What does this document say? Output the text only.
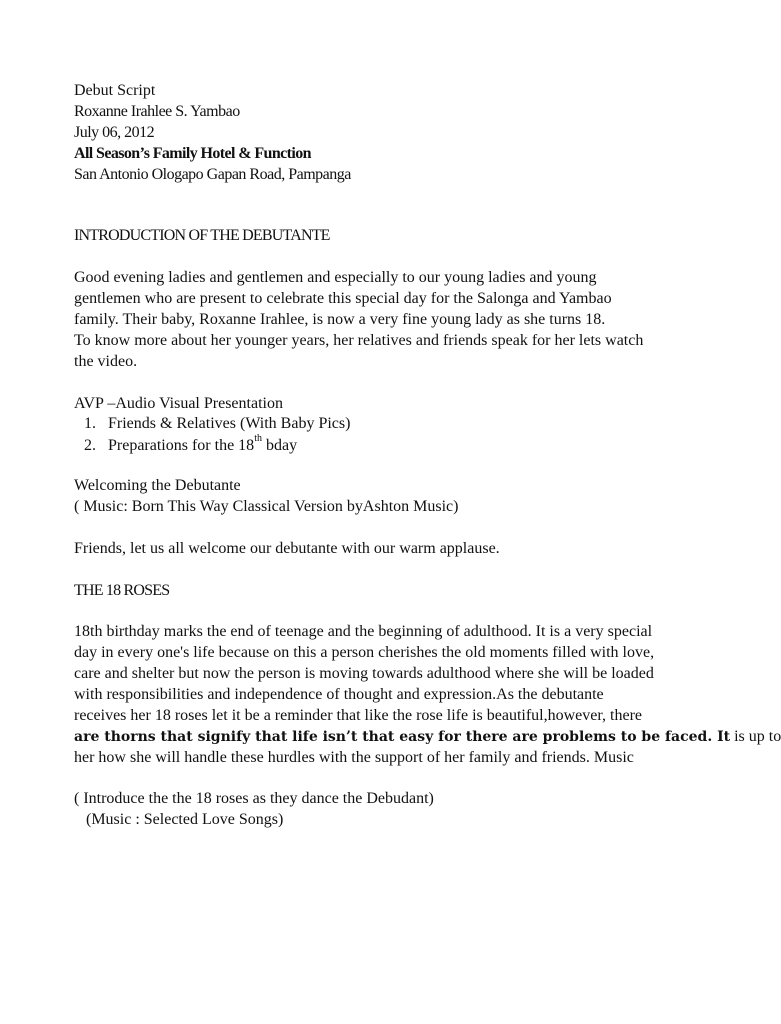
Debut Script
Roxanne Irahlee S. Yambao
July 06, 2012
All Season’s Family Hotel & Function
San Antonio Ologapo Gapan Road, Pampanga
INTRODUCTION OF THE DEBUTANTE
Good evening ladies and gentlemen and especially to our young ladies and young
gentlemen who are present to celebrate this special day for the Salonga and Yambao
family. Their baby, Roxanne Irahlee, is now a very fine young lady as she turns 18.
To know more about her younger years, her relatives and friends speak for her lets watch
the video.
AVP –Audio Visual Presentation
1. Friends & Relatives (With Baby Pics)
2. Preparations for the 18th bday
Welcoming the Debutante
( Music: Born This Way Classical Version byAshton Music)
Friends, let us all welcome our debutante with our warm applause.
THE 18 ROSES
18th birthday marks the end of teenage and the beginning of adulthood. It is a very special
day in every one's life because on this a person cherishes the old moments filled with love,
care and shelter but now the person is moving towards adulthood where she will be loaded
with responsibilities and independence of thought and expression.As the debutante
receives her 18 roses let it be a reminder that like the rose life is beautiful,however, there
are thorns that signify that life isn’t that easy for there are problems to be faced. It is up to
her how she will handle these hurdles with the support of her family and friends. Music
( Introduce the the 18 roses as they dance the Debudant)
(Music : Selected Love Songs)
